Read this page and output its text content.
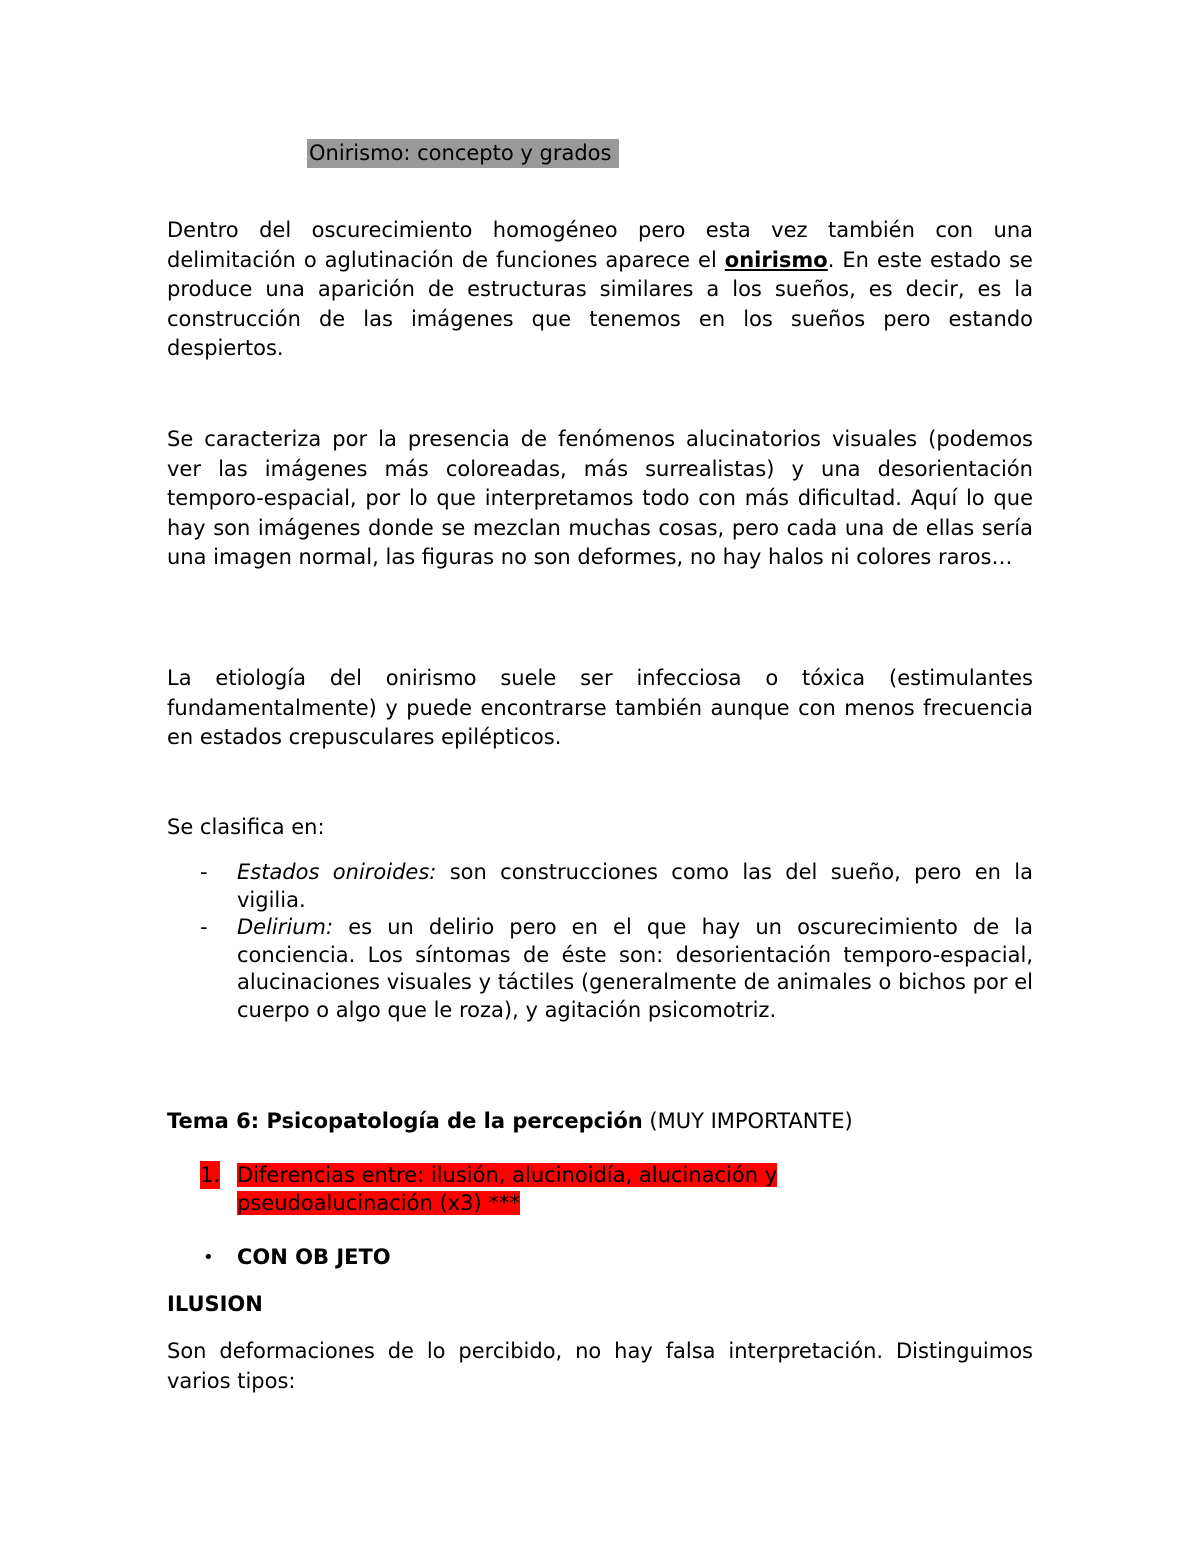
Onirismo: concepto y grados
Dentro del oscurecimiento homogéneo pero esta vez también con una delimitación o aglutinación de funciones aparece el onirismo. En este estado se produce una aparición de estructuras similares a los sueños, es decir, es la construcción de las imágenes que tenemos en los sueños pero estando despiertos.
Se caracteriza por la presencia de fenómenos alucinatorios visuales (podemos ver las imágenes más coloreadas, más surrealistas) y una desorientación temporo-espacial, por lo que interpretamos todo con más dificultad. Aquí lo que hay son imágenes donde se mezclan muchas cosas, pero cada una de ellas sería una imagen normal, las figuras no son deformes, no hay halos ni colores raros…
La etiología del onirismo suele ser infecciosa o tóxica (estimulantes fundamentalmente) y puede encontrarse también aunque con menos frecuencia en estados crepusculares epilépticos.
Se clasifica en:
- Estados oniroides: son construcciones como las del sueño, pero en la vigilia.
- Delirium: es un delirio pero en el que hay un oscurecimiento de la conciencia. Los síntomas de éste son: desorientación temporo-espacial, alucinaciones visuales y táctiles (generalmente de animales o bichos por el cuerpo o algo que le roza), y agitación psicomotriz.
Tema 6: Psicopatología de la percepción (MUY IMPORTANTE)
1. Diferencias entre: ilusión, alucinoidía, alucinación y
pseudoalucinación (x3) ***
• CON OB JETO
ILUSION
Son deformaciones de lo percibido, no hay falsa interpretación. Distinguimos varios tipos:
